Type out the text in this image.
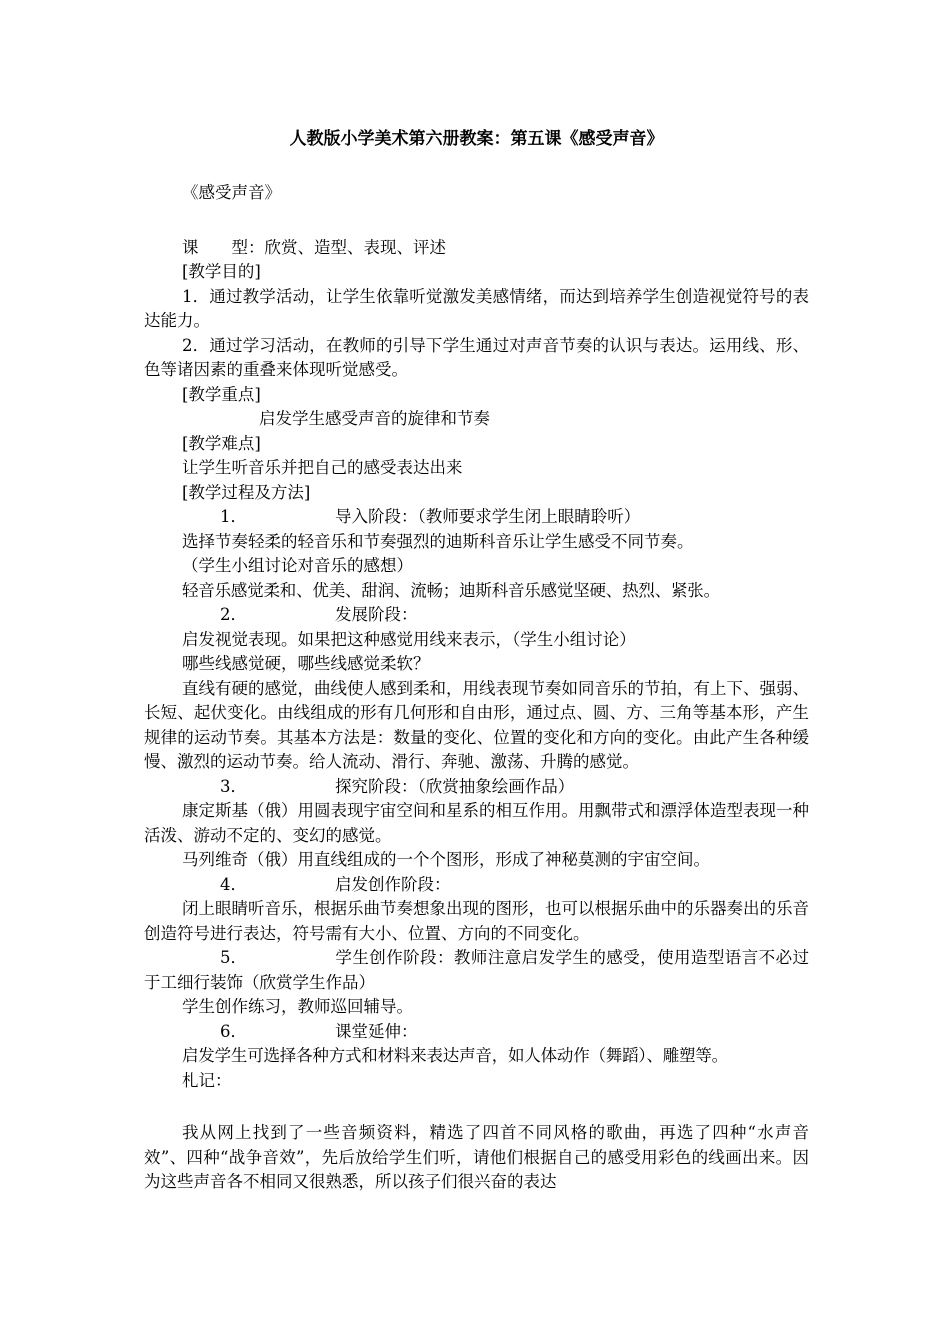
人教版小学美术第六册教案：第五课《感受声音》

《感受声音》

课　　型：欣赏、造型、表现、评述

[教学目的]

1．通过教学活动，让学生依靠听觉激发美感情绪，而达到培养学生创造视觉符号的表达能力。

2．通过学习活动，在教师的引导下学生通过对声音节奏的认识与表达。运用线、形、色等诸因素的重叠来体现听觉感受。

[教学重点]

启发学生感受声音的旋律和节奏

[教学难点]

让学生听音乐并把自己的感受表达出来

[教学过程及方法]

1．	导入阶段：（教师要求学生闭上眼睛聆听）

选择节奏轻柔的轻音乐和节奏强烈的迪斯科音乐让学生感受不同节奏。

（学生小组讨论对音乐的感想）

轻音乐感觉柔和、优美、甜润、流畅；迪斯科音乐感觉坚硬、热烈、紧张。

2．	发展阶段：

启发视觉表现。如果把这种感觉用线来表示，（学生小组讨论）

哪些线感觉硬，哪些线感觉柔软？

直线有硬的感觉，曲线使人感到柔和，用线表现节奏如同音乐的节拍，有上下、强弱、长短、起伏变化。由线组成的形有几何形和自由形，通过点、圆、方、三角等基本形，产生规律的运动节奏。其基本方法是：数量的变化、位置的变化和方向的变化。由此产生各种缓慢、激烈的运动节奏。给人流动、滑行、奔驰、激荡、升腾的感觉。

3．	探究阶段：（欣赏抽象绘画作品）

康定斯基（俄）用圆表现宇宙空间和星系的相互作用。用飘带式和漂浮体造型表现一种活泼、游动不定的、变幻的感觉。

马列维奇（俄）用直线组成的一个个图形，形成了神秘莫测的宇宙空间。

4．	启发创作阶段：

闭上眼睛听音乐，根据乐曲节奏想象出现的图形，也可以根据乐曲中的乐器奏出的乐音创造符号进行表达，符号需有大小、位置、方向的不同变化。

5．	学生创作阶段：教师注意启发学生的感受，使用造型语言不必过于工细行装饰（欣赏学生作品）

学生创作练习，教师巡回辅导。

6．	课堂延伸：

启发学生可选择各种方式和材料来表达声音，如人体动作（舞蹈）、雕塑等。

札记：

我从网上找到了一些音频资料，精选了四首不同风格的歌曲，再选了四种“水声音效”、四种“战争音效”，先后放给学生们听，请他们根据自己的感受用彩色的线画出来。因为这些声音各不相同又很熟悉，所以孩子们很兴奋的表达
